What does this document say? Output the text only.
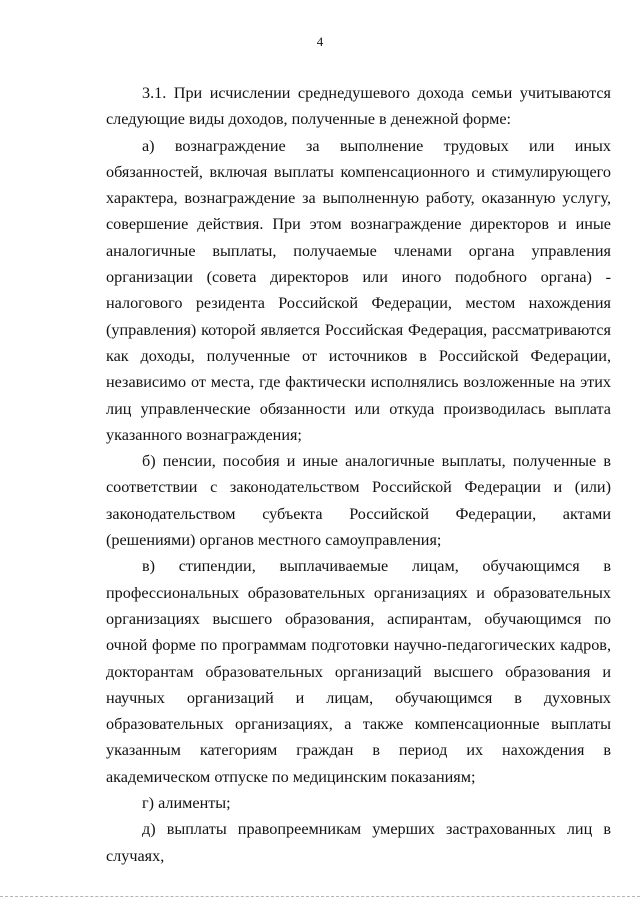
4

3.1. При исчислении среднедушевого дохода семьи учитываются следующие виды доходов, полученные в денежной форме:

а) вознаграждение за выполнение трудовых или иных обязанностей, включая выплаты компенсационного и стимулирующего характера, вознаграждение за выполненную работу, оказанную услугу, совершение действия. При этом вознаграждение директоров и иные аналогичные выплаты, получаемые членами органа управления организации (совета директоров или иного подобного органа) - налогового резидента Российской Федерации, местом нахождения (управления) которой является Российская Федерация, рассматриваются как доходы, полученные от источников в Российской Федерации, независимо от места, где фактически исполнялись возложенные на этих лиц управленческие обязанности или откуда производилась выплата указанного вознаграждения;

б) пенсии, пособия и иные аналогичные выплаты, полученные в соответствии с законодательством Российской Федерации и (или) законодательством субъекта Российской Федерации, актами (решениями) органов местного самоуправления;

в) стипендии, выплачиваемые лицам, обучающимся в профессиональных образовательных организациях и образовательных организациях высшего образования, аспирантам, обучающимся по очной форме по программам подготовки научно-педагогических кадров, докторантам образовательных организаций высшего образования и научных организаций и лицам, обучающимся в духовных образовательных организациях, а также компенсационные выплаты указанным категориям граждан в период их нахождения в академическом отпуске по медицинским показаниям;

г) алименты;

д) выплаты правопреемникам умерших застрахованных лиц в случаях,
